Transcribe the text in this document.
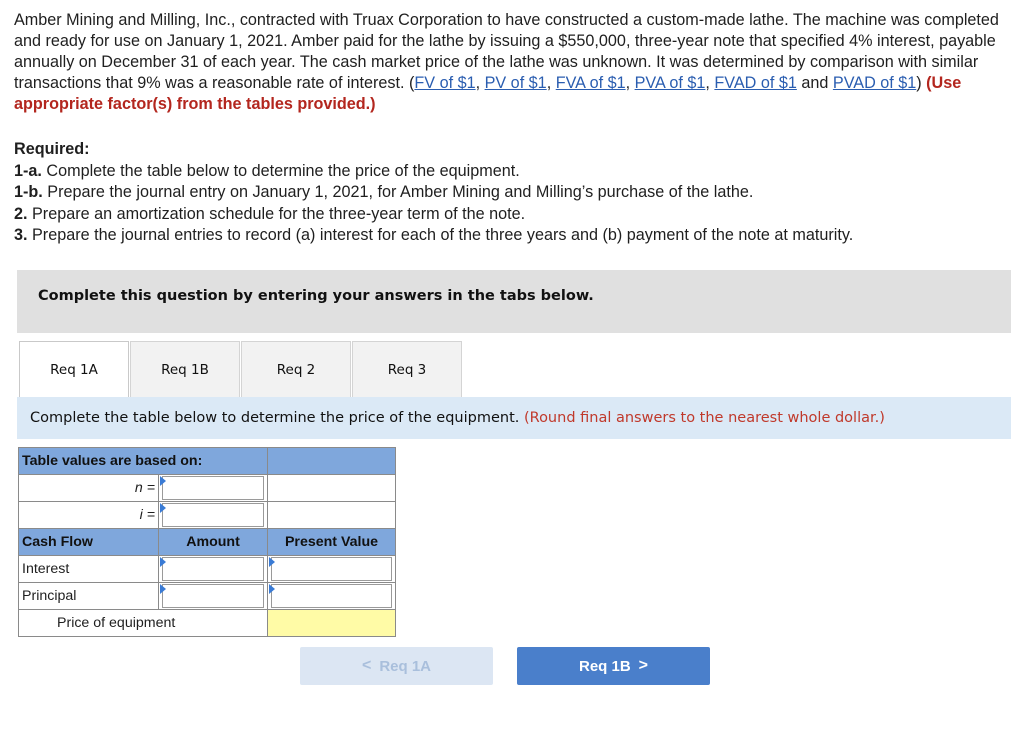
Amber Mining and Milling, Inc., contracted with Truax Corporation to have constructed a custom-made lathe. The machine was completed and ready for use on January 1, 2021. Amber paid for the lathe by issuing a $550,000, three-year note that specified 4% interest, payable annually on December 31 of each year. The cash market price of the lathe was unknown. It was determined by comparison with similar transactions that 9% was a reasonable rate of interest. (FV of $1, PV of $1, FVA of $1, PVA of $1, FVAD of $1 and PVAD of $1) (Use appropriate factor(s) from the tables provided.)
Required:
1-a. Complete the table below to determine the price of the equipment.
1-b. Prepare the journal entry on January 1, 2021, for Amber Mining and Milling’s purchase of the lathe.
2. Prepare an amortization schedule for the three-year term of the note.
3. Prepare the journal entries to record (a) interest for each of the three years and (b) payment of the note at maturity.
Complete this question by entering your answers in the tabs below.
Req 1A	Req 1B	Req 2	Req 3
Complete the table below to determine the price of the equipment. (Round final answers to the nearest whole dollar.)
Table values are based on:		
n =		
i =		
Cash Flow	Amount	Present Value
Interest		
Principal		
Price of equipment		
< Req 1A	Req 1B >
